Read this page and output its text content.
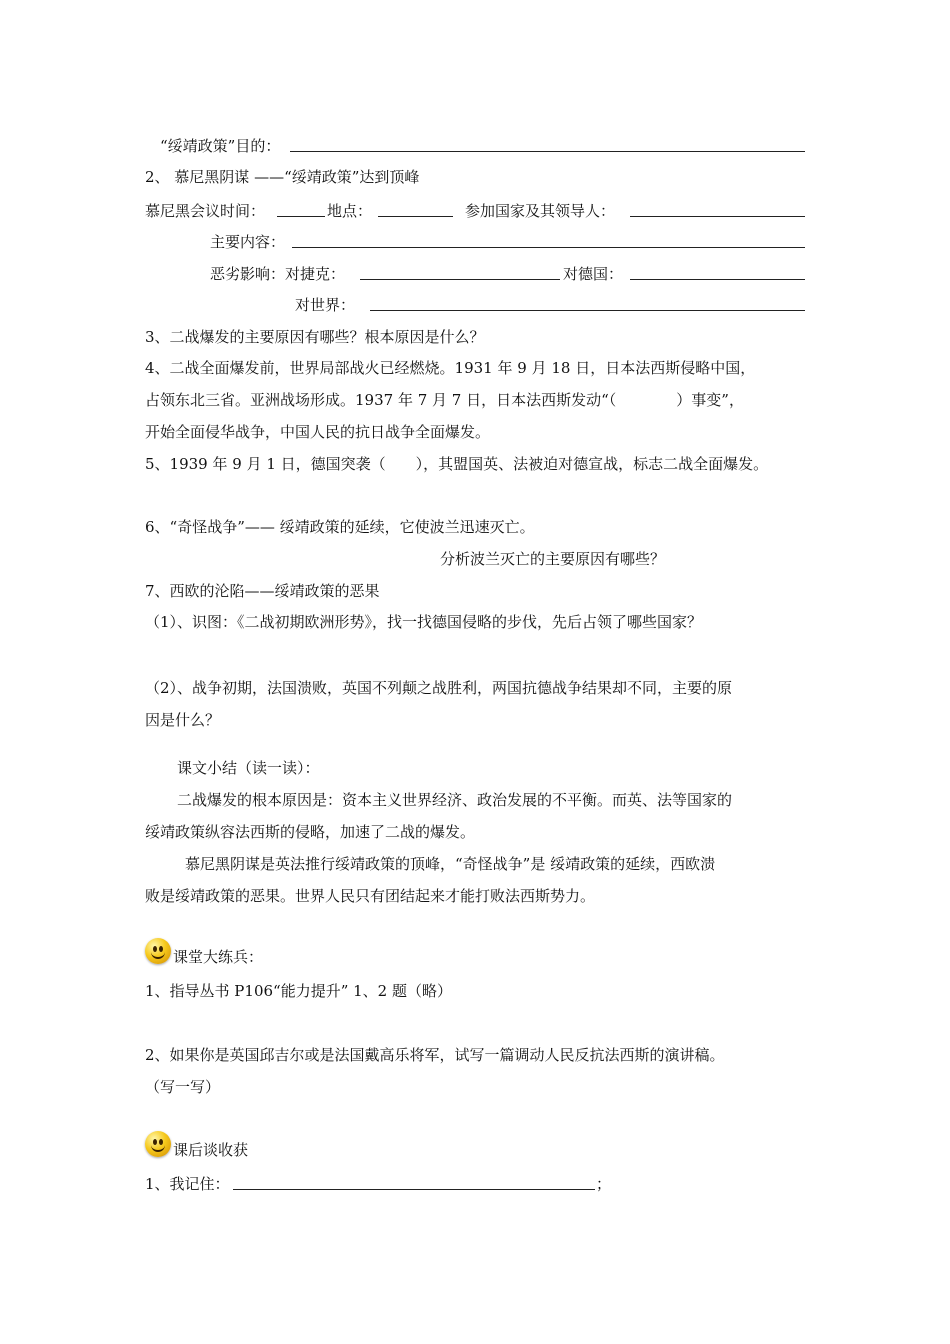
“绥靖政策”目的：
2、 慕尼黑阴谋 ——“绥靖政策”达到顶峰
慕尼黑会议时间：	地点：	参加国家及其领导人：
主要内容：
恶劣影响：对捷克：	对德国：
对世界：
3、二战爆发的主要原因有哪些？根本原因是什么？
4、二战全面爆发前，世界局部战火已经燃烧。1931 年 9 月 18 日，日本法西斯侵略中国，
占领东北三省。亚洲战场形成。1937 年 7 月 7 日，日本法西斯发动“（　　　　）事变”，
开始全面侵华战争，中国人民的抗日战争全面爆发。
5、1939 年 9 月 1 日，德国突袭（　　），其盟国英、法被迫对德宣战，标志二战全面爆发。
6、“奇怪战争”—— 绥靖政策的延续，它使波兰迅速灭亡。
分析波兰灭亡的主要原因有哪些？
7、西欧的沦陷——绥靖政策的恶果
（1）、识图：《二战初期欧洲形势》，找一找德国侵略的步伐，先后占领了哪些国家？
（2）、战争初期，法国溃败，英国不列颠之战胜利，两国抗德战争结果却不同，主要的原
因是什么？
课文小结（读一读）：
二战爆发的根本原因是：资本主义世界经济、政治发展的不平衡。而英、法等国家的
绥靖政策纵容法西斯的侵略，加速了二战的爆发。
慕尼黑阴谋是英法推行绥靖政策的顶峰，“奇怪战争”是 绥靖政策的延续，西欧溃
败是绥靖政策的恶果。世界人民只有团结起来才能打败法西斯势力。
课堂大练兵：
1、指导丛书 P106“能力提升” 1、2 题（略）
2、如果你是英国邱吉尔或是法国戴高乐将军，试写一篇调动人民反抗法西斯的演讲稿。
（写一写）
课后谈收获
1、我记住：	；
